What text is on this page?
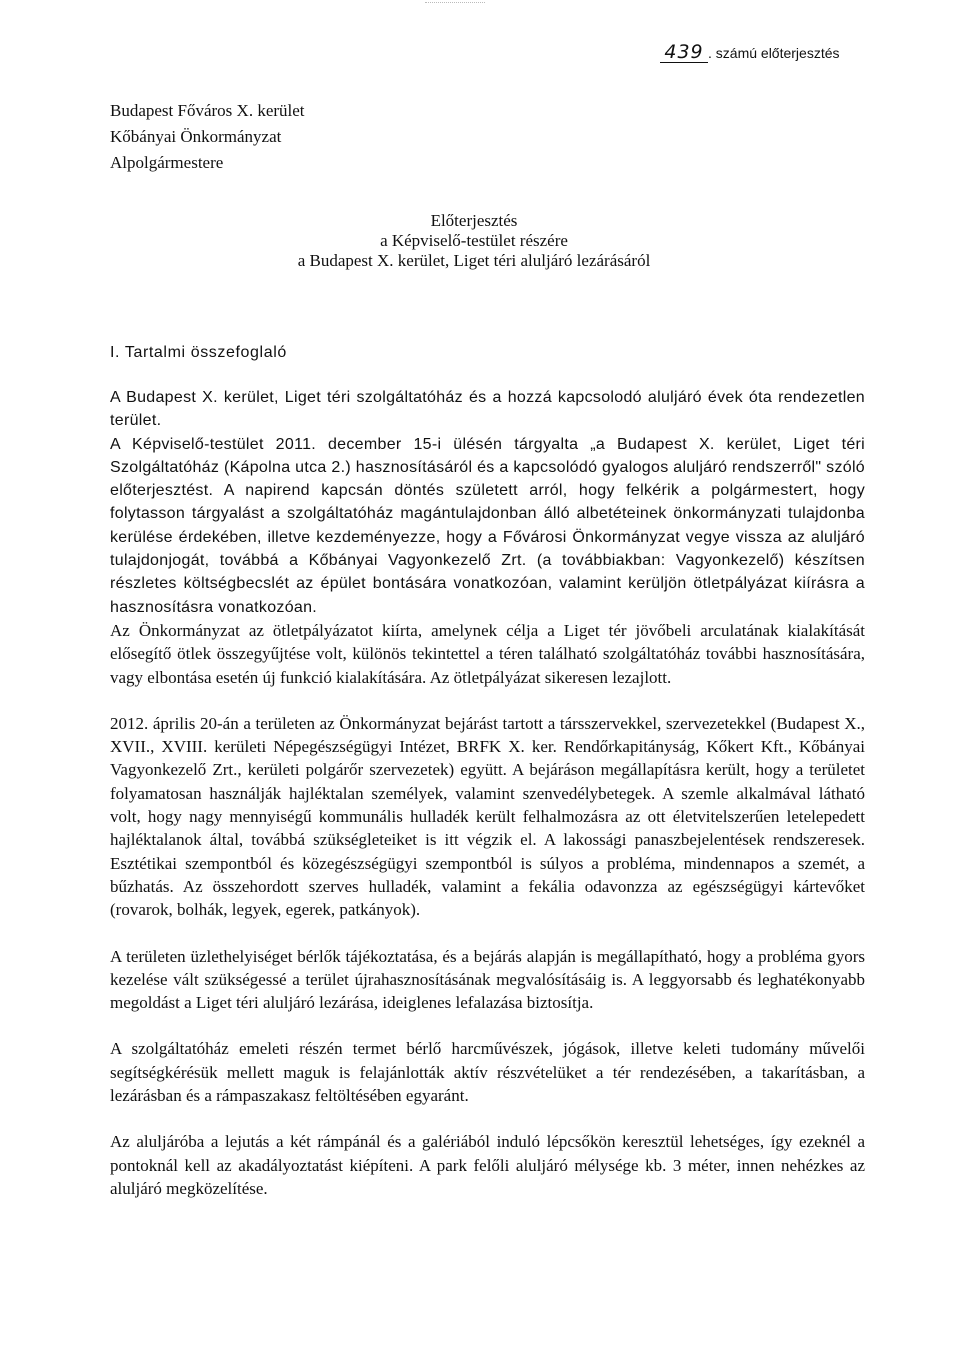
439 . számú előterjesztés
Budapest Főváros X. kerület
Kőbányai Önkormányzat
Alpolgármestere
Előterjesztés
a Képviselő-testület részére
a Budapest X. kerület, Liget téri aluljáró lezárásáról
I. Tartalmi összefoglaló

A Budapest X. kerület, Liget téri szolgáltatóház és a hozzá kapcsolodó aluljáró évek óta rendezetlen terület.

A Képviselő-testület 2011. december 15-i ülésén tárgyalta „a Budapest X. kerület, Liget téri Szolgáltatóház (Kápolna utca 2.) hasznosításáról és a kapcsolódó gyalogos aluljáró rendszerről" szóló előterjesztést. A napirend kapcsán döntés született arról, hogy felkérik a polgármestert, hogy folytasson tárgyalást a szolgáltatóház magántulajdonban álló albetéteinek önkormányzati tulajdonba kerülése érdekében, illetve kezdeményezze, hogy a Fővárosi Önkormányzat vegye vissza az aluljáró tulajdonjogát, továbbá a Kőbányai Vagyonkezelő Zrt. (a továbbiakban: Vagyonkezelő) készítsen részletes költségbecslét az épület bontására vonatkozóan, valamint kerüljön ötletpályázat kiírásra a hasznosításra vonatkozóan.

Az Önkormányzat az ötletpályázatot kiírta, amelynek célja a Liget tér jövőbeli arculatának kialakítását elősegítő ötlek összegyűjtése volt, különös tekintettel a téren található szolgáltatóház további hasznosítására, vagy elbontása esetén új funkció kialakítására. Az ötletpályázat sikeresen lezajlott.

2012. április 20-án a területen az Önkormányzat bejárást tartott a társszervekkel, szervezetekkel (Budapest X., XVII., XVIII. kerületi Népegészségügyi Intézet, BRFK X. ker. Rendőrkapitányság, Kőkert Kft., Kőbányai Vagyonkezelő Zrt., kerületi polgárőr szervezetek) együtt. A bejáráson megállapításra került, hogy a területet folyamatosan használják hajléktalan személyek, valamint szenvedélybetegek. A szemle alkalmával látható volt, hogy nagy mennyiségű kommunális hulladék került felhalmozásra az ott életvitelszerűen letelepedett hajléktalanok által, továbbá szükségleteiket is itt végzik el. A lakossági panaszbejelentések rendszeresek. Esztétikai szempontból és közegészségügyi szempontból is súlyos a probléma, mindennapos a szemét, a bűzhatás. Az összehordott szerves hulladék, valamint a fekália odavonzza az egészségügyi kártevőket (rovarok, bolhák, legyek, egerek, patkányok).

A területen üzlethelyiséget bérlők tájékoztatása, és a bejárás alapján is megállapítható, hogy a probléma gyors kezelése vált szükségessé a terület újrahasznosításának megvalósításáig is. A leggyorsabb és leghatékonyabb megoldást a Liget téri aluljáró lezárása, ideiglenes lefalazása biztosítja.

A szolgáltatóház emeleti részén termet bérlő harcművészek, jógások, illetve keleti tudomány művelői segítségkérésük mellett maguk is felajánlották aktív részvételüket a tér rendezésében, a takarításban, a lezárásban és a rámpaszakasz feltöltésében egyaránt.

Az aluljáróba a lejutás a két rámpánál és a galériából induló lépcsőkön keresztül lehetséges, így ezeknél a pontoknál kell az akadályoztatást kiépíteni. A park felőli aluljáró mélysége kb. 3 méter, innen nehézkes az aluljáró megközelítése.
